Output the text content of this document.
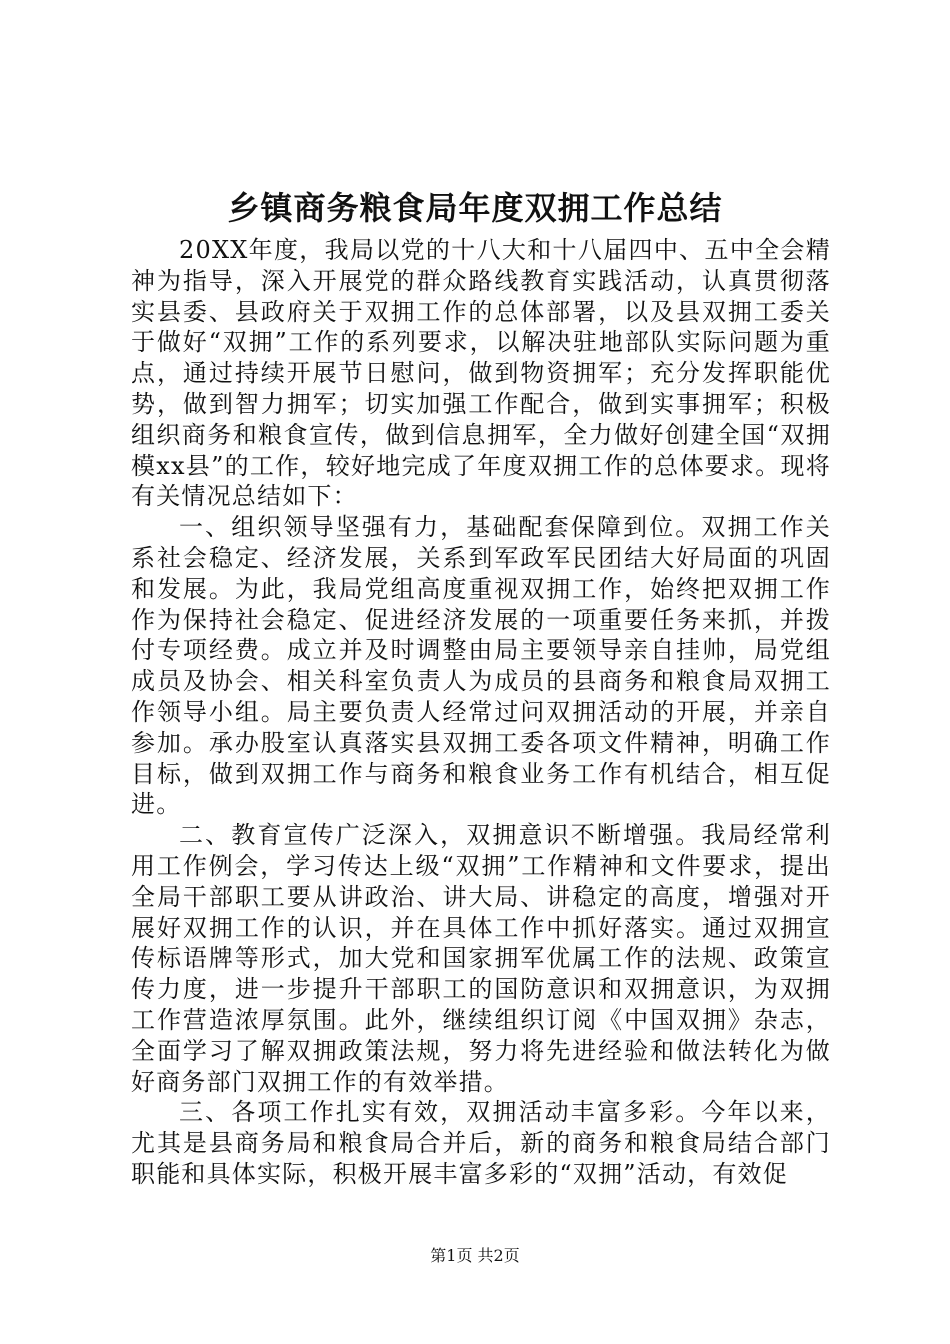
乡镇商务粮食局年度双拥工作总结

20XX年度，我局以党的十八大和十八届四中、五中全会精神为指导，深入开展党的群众路线教育实践活动，认真贯彻落实县委、县政府关于双拥工作的总体部署，以及县双拥工委关于做好“双拥”工作的系列要求，以解决驻地部队实际问题为重点，通过持续开展节日慰问，做到物资拥军；充分发挥职能优势，做到智力拥军；切实加强工作配合，做到实事拥军；积极组织商务和粮食宣传，做到信息拥军，全力做好创建全国“双拥模xx县”的工作，较好地完成了年度双拥工作的总体要求。现将有关情况总结如下：

一、组织领导坚强有力，基础配套保障到位。双拥工作关系社会稳定、经济发展，关系到军政军民团结大好局面的巩固和发展。为此，我局党组高度重视双拥工作，始终把双拥工作作为保持社会稳定、促进经济发展的一项重要任务来抓，并拨付专项经费。成立并及时调整由局主要领导亲自挂帅，局党组成员及协会、相关科室负责人为成员的县商务和粮食局双拥工作领导小组。局主要负责人经常过问双拥活动的开展，并亲自参加。承办股室认真落实县双拥工委各项文件精神，明确工作目标，做到双拥工作与商务和粮食业务工作有机结合，相互促进。

二、教育宣传广泛深入，双拥意识不断增强。我局经常利用工作例会，学习传达上级“双拥”工作精神和文件要求，提出全局干部职工要从讲政治、讲大局、讲稳定的高度，增强对开展好双拥工作的认识，并在具体工作中抓好落实。通过双拥宣传标语牌等形式，加大党和国家拥军优属工作的法规、政策宣传力度，进一步提升干部职工的国防意识和双拥意识，为双拥工作营造浓厚氛围。此外，继续组织订阅《中国双拥》杂志，全面学习了解双拥政策法规，努力将先进经验和做法转化为做好商务部门双拥工作的有效举措。

三、各项工作扎实有效，双拥活动丰富多彩。今年以来，尤其是县商务局和粮食局合并后，新的商务和粮食局结合部门职能和具体实际，积极开展丰富多彩的“双拥”活动，有效促

第1页 共2页
